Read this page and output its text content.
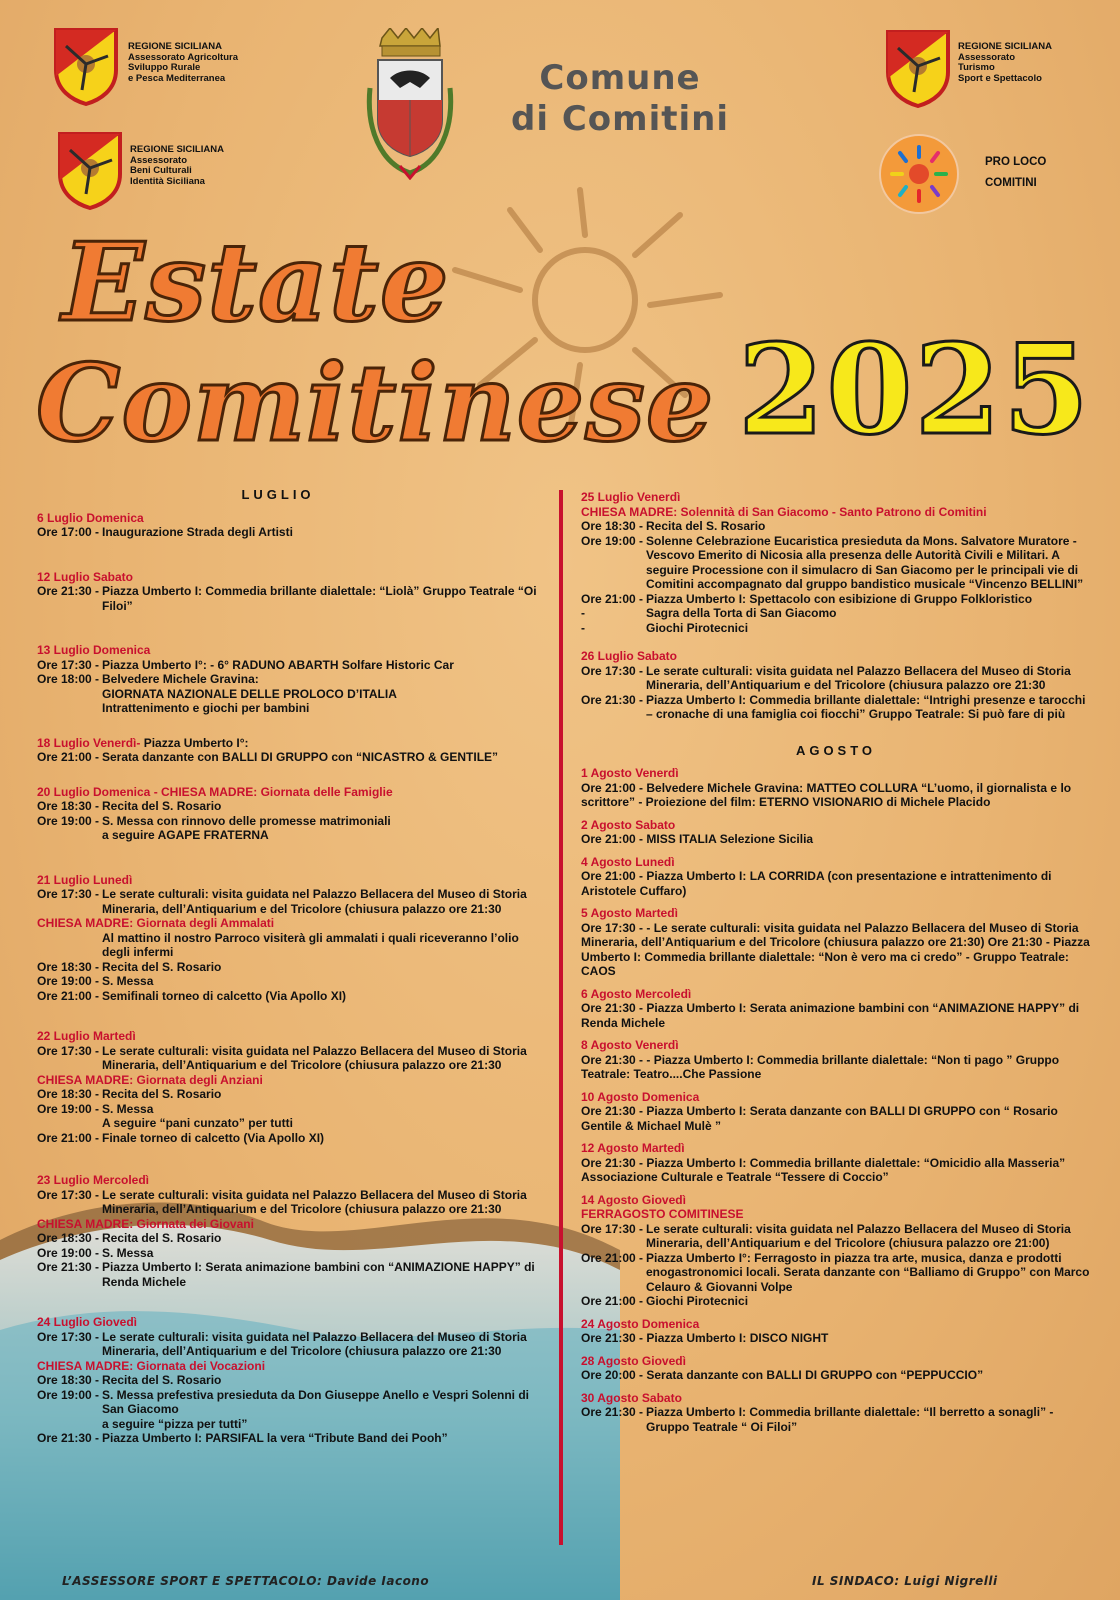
REGIONE SICILIANA
Assessorato Agricoltura
Sviluppo Rurale
e Pesca Mediterranea
REGIONE SICILIANA
Assessorato
Beni Culturali
Identità Siciliana
REGIONE SICILIANA
Assessorato
Turismo
Sport e Spettacolo
Comune
di Comitini
PRO LOCO
COMITINI
Estate
Comitinese 2025
LUGLIO
6 Luglio Domenica
Ore 17:00 - Inaugurazione Strada degli Artisti
12 Luglio Sabato
Ore 21:30 - Piazza Umberto I: Commedia brillante dialettale: “Liolà” Gruppo Teatrale “Oi Filoi”
13 Luglio Domenica
Ore 17:30 - Piazza Umberto I°: - 6° RADUNO ABARTH Solfare Historic Car
Ore 18:00 - Belvedere Michele Gravina:
GIORNATA NAZIONALE DELLE PROLOCO D’ITALIA
Intrattenimento e giochi per bambini
18 Luglio Venerdì- Piazza Umberto I°:
Ore 21:00 - Serata danzante con BALLI DI GRUPPO con “NICASTRO & GENTILE”
20 Luglio Domenica - CHIESA MADRE: Giornata delle Famiglie
Ore 18:30 - Recita del S. Rosario
Ore 19:00 - S. Messa con rinnovo delle promesse matrimoniali
a seguire AGAPE FRATERNA
21 Luglio Lunedì
Ore 17:30 - Le serate culturali: visita guidata nel Palazzo Bellacera del Museo di Storia Mineraria, dell’Antiquarium e del Tricolore (chiusura palazzo ore 21:30
CHIESA MADRE: Giornata degli Ammalati
Al mattino il nostro Parroco visiterà gli ammalati i quali riceveranno l’olio degli infermi
Ore 18:30 - Recita del S. Rosario
Ore 19:00 - S. Messa
Ore 21:00 - Semifinali torneo di calcetto (Via Apollo XI)
22 Luglio Martedì
Ore 17:30 - Le serate culturali: visita guidata nel Palazzo Bellacera del Museo di Storia Mineraria, dell’Antiquarium e del Tricolore (chiusura palazzo ore 21:30
CHIESA MADRE: Giornata degli Anziani
Ore 18:30 - Recita del S. Rosario
Ore 19:00 - S. Messa
A seguire “pani cunzato” per tutti
Ore 21:00 - Finale torneo di calcetto (Via Apollo XI)
23 Luglio Mercoledì
Ore 17:30 - Le serate culturali: visita guidata nel Palazzo Bellacera del Museo di Storia Mineraria, dell’Antiquarium e del Tricolore (chiusura palazzo ore 21:30
CHIESA MADRE: Giornata dei Giovani
Ore 18:30 - Recita del S. Rosario
Ore 19:00 - S. Messa
Ore 21:30 - Piazza Umberto I: Serata animazione bambini con “ANIMAZIONE HAPPY” di Renda Michele
24 Luglio Giovedì
Ore 17:30 - Le serate culturali: visita guidata nel Palazzo Bellacera del Museo di Storia Mineraria, dell’Antiquarium e del Tricolore (chiusura palazzo ore 21:30
CHIESA MADRE: Giornata dei Vocazioni
Ore 18:30 - Recita del S. Rosario
Ore 19:00 - S. Messa prefestiva presieduta da Don Giuseppe Anello e Vespri Solenni di San Giacomo
a seguire “pizza per tutti”
Ore 21:30 - Piazza Umberto I: PARSIFAL la vera “Tribute Band dei Pooh”
25 Luglio Venerdì
CHIESA MADRE: Solennità di San Giacomo - Santo Patrono di Comitini
Ore 18:30 - Recita del S. Rosario
Ore 19:00 - Solenne Celebrazione Eucaristica presieduta da Mons. Salvatore Muratore - Vescovo Emerito di Nicosia alla presenza delle Autorità Civili e Militari. A seguire Processione con il simulacro di San Giacomo per le principali vie di Comitini accompagnato dal gruppo bandistico musicale “Vincenzo BELLINI”
Ore 21:00 - Piazza Umberto I: Spettacolo con esibizione di Gruppo Folkloristico
-	Sagra della Torta di San Giacomo
-	Giochi Pirotecnici
26 Luglio Sabato
Ore 17:30 - Le serate culturali: visita guidata nel Palazzo Bellacera del Museo di Storia Mineraria, dell’Antiquarium e del Tricolore (chiusura palazzo ore 21:30
Ore 21:30 - Piazza Umberto I: Commedia brillante dialettale: “Intrighi presenze e tarocchi – cronache di una famiglia coi fiocchi” Gruppo Teatrale: Si può fare di più
AGOSTO
1 Agosto Venerdì
Ore 21:00 - Belvedere Michele Gravina: MATTEO COLLURA “L’uomo, il giornalista e lo scrittore” - Proiezione del film: ETERNO VISIONARIO di Michele Placido
2 Agosto Sabato
Ore 21:00 - MISS ITALIA Selezione Sicilia
4 Agosto Lunedì
Ore 21:00 - Piazza Umberto I: LA CORRIDA (con presentazione e intrattenimento di Aristotele Cuffaro)
5 Agosto Martedì
Ore 17:30 - - Le serate culturali: visita guidata nel Palazzo Bellacera del Museo di Storia Mineraria, dell’Antiquarium e del Tricolore (chiusura palazzo ore 21:30) Ore 21:30 - Piazza Umberto I: Commedia brillante dialettale: “Non è vero ma ci credo” - Gruppo Teatrale: CAOS
6 Agosto Mercoledì
Ore 21:30 - Piazza Umberto I: Serata animazione bambini con “ANIMAZIONE HAPPY” di Renda Michele
8 Agosto Venerdì
Ore 21:30 - - Piazza Umberto I: Commedia brillante dialettale: “Non ti pago ” Gruppo Teatrale: Teatro....Che Passione
10 Agosto Domenica
Ore 21:30 - Piazza Umberto I: Serata danzante con BALLI DI GRUPPO con “ Rosario Gentile & Michael Mulè ”
12 Agosto Martedì
Ore 21:30 - Piazza Umberto I: Commedia brillante dialettale: “Omicidio alla Masseria” Associazione Culturale e Teatrale “Tessere di Coccio”
14 Agosto Giovedì
FERRAGOSTO COMITINESE
Ore 17:30 - Le serate culturali: visita guidata nel Palazzo Bellacera del Museo di Storia Mineraria, dell’Antiquarium e del Tricolore (chiusura palazzo ore 21:00)
Ore 21:00 - Piazza Umberto I°: Ferragosto in piazza tra arte, musica, danza e prodotti enogastronomici locali. Serata danzante con “Balliamo di Gruppo” con Marco Celauro & Giovanni Volpe
Ore 21:00 - Giochi Pirotecnici
24 Agosto Domenica
Ore 21:30 - Piazza Umberto I: DISCO NIGHT
28 Agosto Giovedì
Ore 20:00 - Serata danzante con BALLI DI GRUPPO con “PEPPUCCIO”
30 Agosto Sabato
Ore 21:30 - Piazza Umberto I: Commedia brillante dialettale: “Il berretto a sonagli” - Gruppo Teatrale “ Oi Filoi”
L’ASSESSORE SPORT E SPETTACOLO: Davide Iacono	IL SINDACO: Luigi Nigrelli
